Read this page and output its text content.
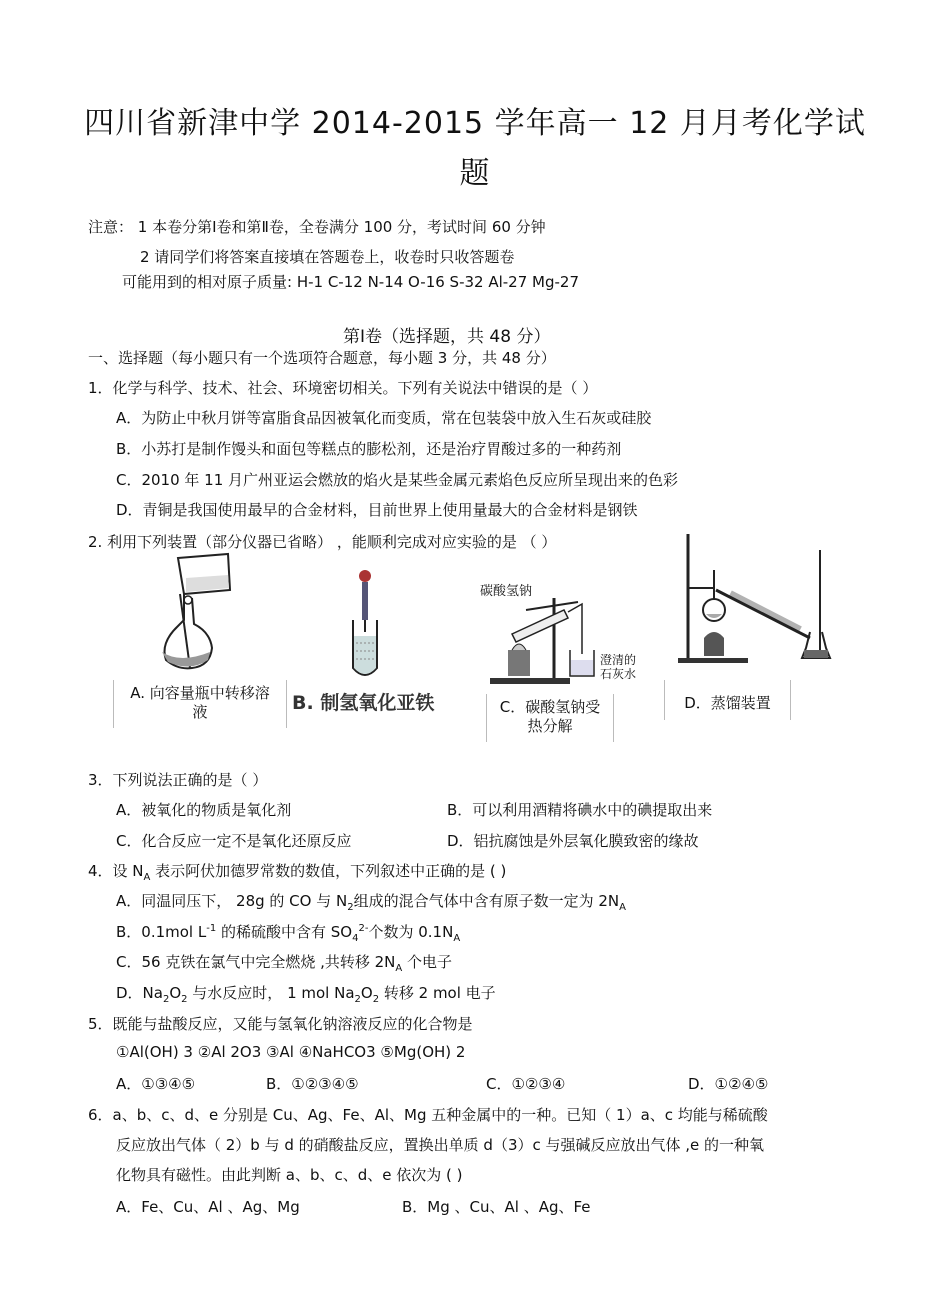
四川省新津中学 2014-2015 学年高一 12 月月考化学试
题
注意： 1 本卷分第Ⅰ卷和第Ⅱ卷，全卷满分 100 分，考试时间 60 分钟
2 请同学们将答案直接填在答题卷上，收卷时只收答题卷
可能用到的相对原子质量: H-1 C-12 N-14 O-16 S-32 Al-27 Mg-27
第Ⅰ卷（选择题，共 48 分）
一、选择题（每小题只有一个选项符合题意，每小题 3 分，共 48 分）
1．化学与科学、技术、社会、环境密切相关。下列有关说法中错误的是（ ）
A．为防止中秋月饼等富脂食品因被氧化而变质，常在包装袋中放入生石灰或硅胶
B．小苏打是制作馒头和面包等糕点的膨松剂，还是治疗胃酸过多的一种药剂
C．2010 年 11 月广州亚运会燃放的焰火是某些金属元素焰色反应所呈现出来的色彩
D．青铜是我国使用最早的合金材料，目前世界上使用量最大的合金材料是钢铁
2. 利用下列装置（部分仪器已省略） ，能顺利完成对应实验的是 （ ）
A. 向容量瓶中转移溶液	B. 制氢氧化亚铁
碳酸氢钠
澄清的
石灰水
C．碳酸氢钠受热分解
D．蒸馏装置
3．下列说法正确的是（ ）
A．被氧化的物质是氧化剂	B．可以利用酒精将碘水中的碘提取出来
C．化合反应一定不是氧化还原反应	D．铝抗腐蚀是外层氧化膜致密的缘故
4．设 $N_A$ 表示阿伏加德罗常数的数值，下列叙述中正确的是 ( )
A．同温同压下， 28g 的 CO 与 $N_2$组成的混合气体中含有原子数一定为 $2N_A$
B．0.1mol $L^{-1}$ 的稀硫酸中含有 $SO_4^{2-}$个数为 $0.1N_A$
C．56 克铁在氯气中完全燃烧 ,共转移 $2N_A$ 个电子
D．$Na_2O_2$ 与水反应时， 1 mol $Na_2O_2$ 转移 2 mol 电子
5．既能与盐酸反应，又能与氢氧化钠溶液反应的化合物是
①Al(OH) 3 ②Al 2O3 ③Al ④NaHCO3 ⑤Mg(OH) 2
A．①③④⑤	B．①②③④⑤	C．①②③④	D．①②④⑤
6．a、b、c、d、e 分别是 Cu、Ag、Fe、Al、Mg 五种金属中的一种。已知（ 1）a、c 均能与稀硫酸
反应放出气体（ 2）b 与 d 的硝酸盐反应，置换出单质 d（3）c 与强碱反应放出气体 ,e 的一种氧
化物具有磁性。由此判断 a、b、c、d、e 依次为 ( )
A．Fe、Cu、Al 、Ag、Mg	B．Mg 、Cu、Al 、Ag、Fe
